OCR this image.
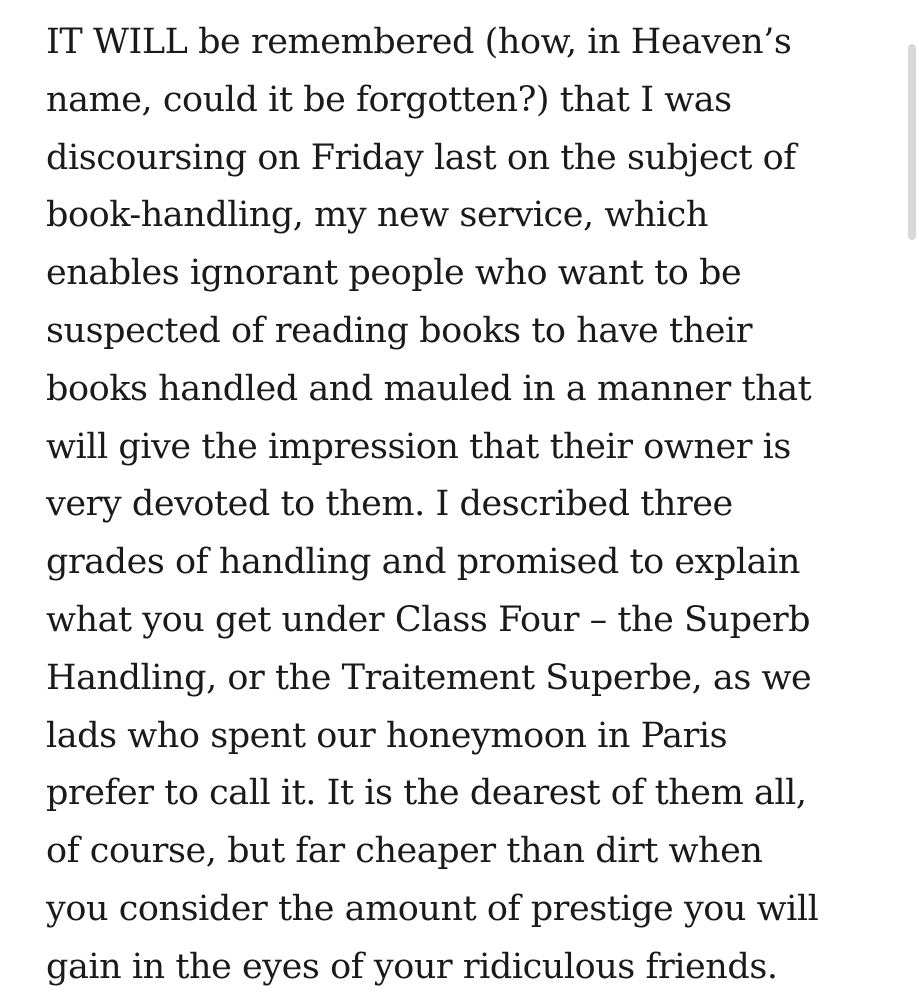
IT WILL be remembered (how, in Heaven’s
name, could it be forgotten?) that I was
discoursing on Friday last on the subject of
book-handling, my new service, which
enables ignorant people who want to be
suspected of reading books to have their
books handled and mauled in a manner that
will give the impression that their owner is
very devoted to them. I described three
grades of handling and promised to explain
what you get under Class Four – the Superb
Handling, or the Traitement Superbe, as we
lads who spent our honeymoon in Paris
prefer to call it. It is the dearest of them all,
of course, but far cheaper than dirt when
you consider the amount of prestige you will
gain in the eyes of your ridiculous friends.
